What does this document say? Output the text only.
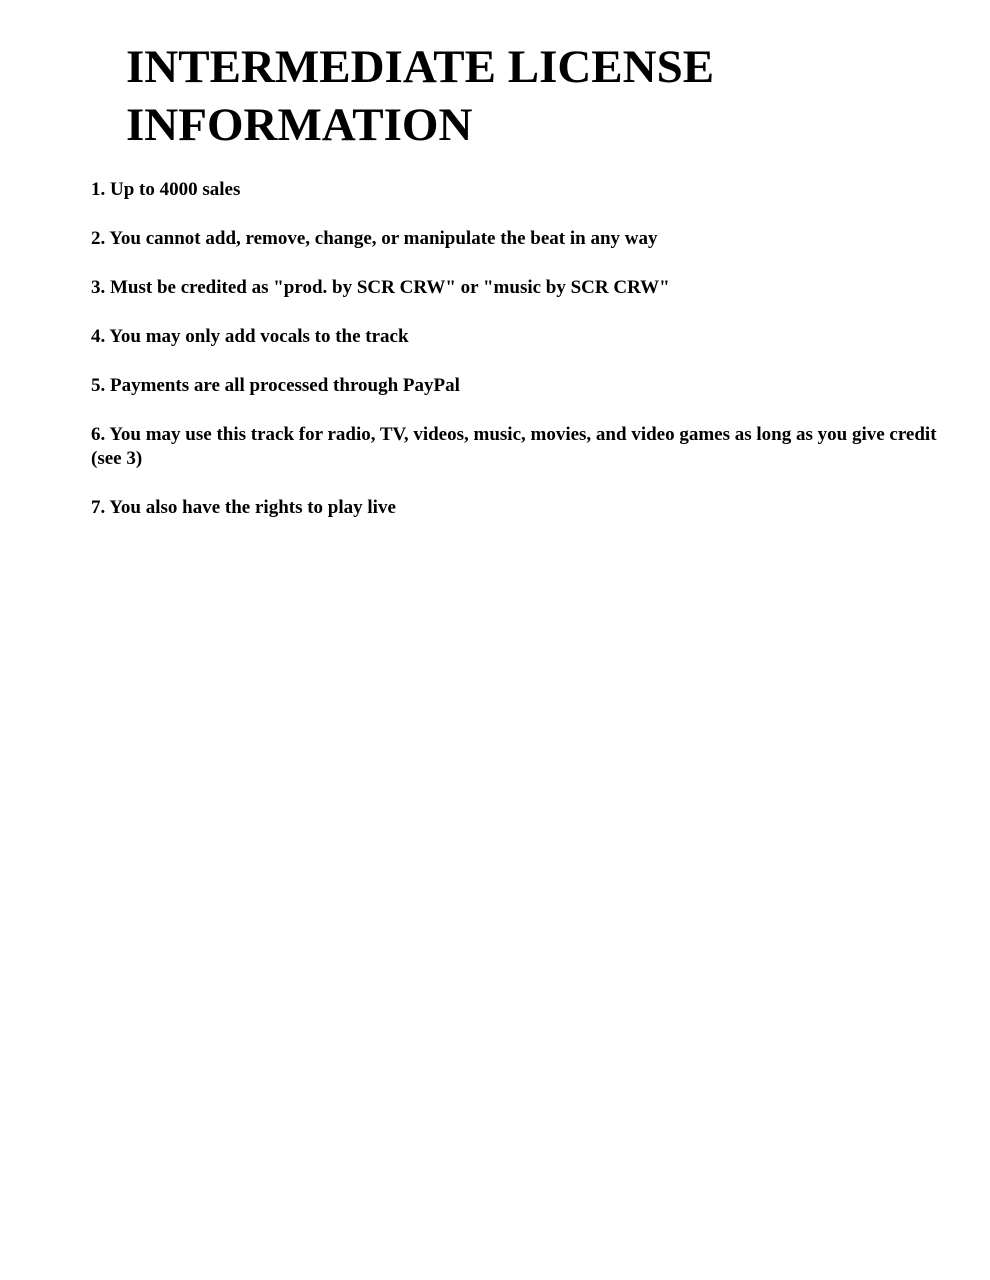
INTERMEDIATE LICENSE
INFORMATION
1. Up to 4000 sales
2. You cannot add, remove, change, or manipulate the beat in any way
3. Must be credited as "prod. by SCR CRW" or "music by SCR CRW"
4. You may only add vocals to the track
5. Payments are all processed through PayPal
6. You may use this track for radio, TV, videos, music, movies, and video games as long as you give credit (see 3)
7. You also have the rights to play live
